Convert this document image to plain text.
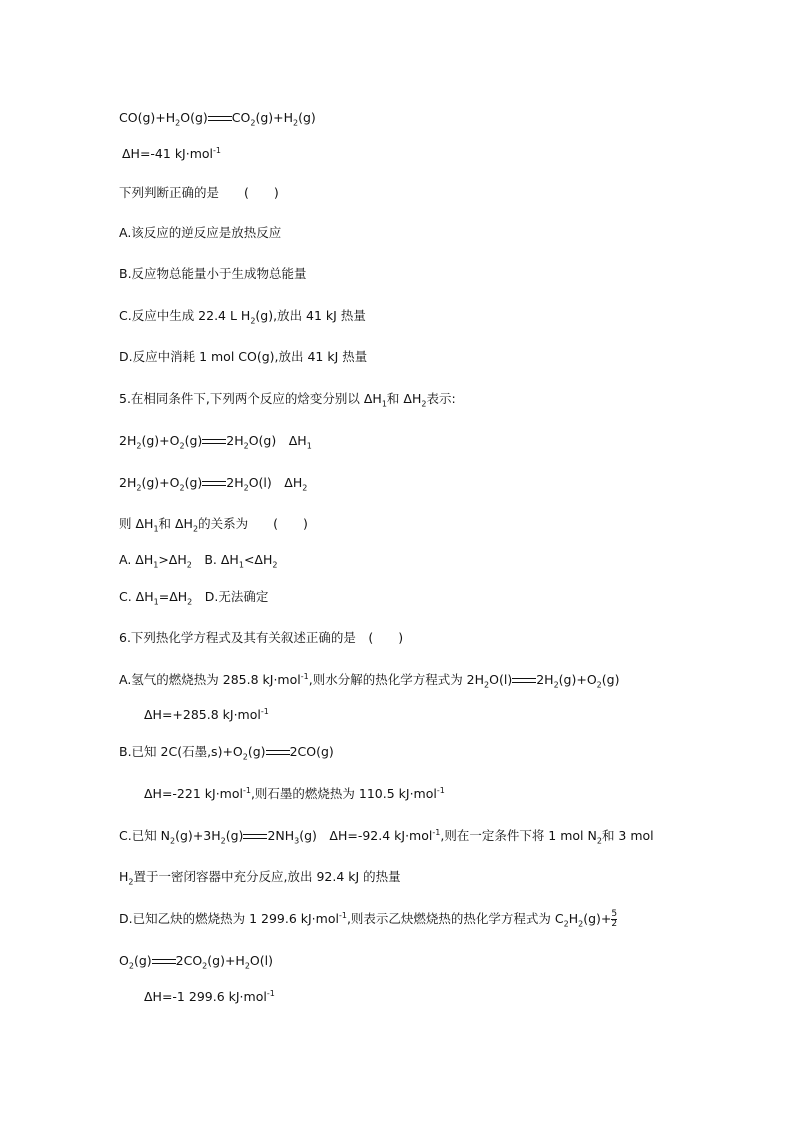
$CO(g)+H_2O(g)$ $CO_2(g)+H_2(g)$
ΔH=-41 kJ·mol$^{-1}$
下列判断正确的是　　(　　)
A.该反应的逆反应是放热反应
B.反应物总能量小于生成物总能量
C.反应中生成 22.4 L $H_2(g)$,放出 41 kJ 热量
D.反应中消耗 1 mol CO(g),放出 41 kJ 热量
5.在相同条件下,下列两个反应的焓变分别以 $\Delta H_1$和 $\Delta H_2$表示:
$2H_2(g)+O_2(g)$ $2H_2O(g)$　$\Delta H_1$
$2H_2(g)+O_2(g)$ $2H_2O(l)$　$\Delta H_2$
则 $\Delta H_1$和 $\Delta H_2$的关系为　　(　　)
A. $\Delta H_1>\Delta H_2$　B. $\Delta H_1<\Delta H_2$
C. $\Delta H_1=\Delta H_2$　D.无法确定
6.下列热化学方程式及其有关叙述正确的是　(　　)
A.氢气的燃烧热为 285.8 kJ·mol$^{-1}$,则水分解的热化学方程式为 $2H_2O(l)$ $2H_2(g)+O_2(g)$
ΔH=+285.8 kJ·mol$^{-1}$
B.已知 2C(石墨$,s)+O_2(g)$ 2CO(g)
ΔH=-221 kJ·mol$^{-1}$,则石墨的燃烧热为 110.5 kJ·mol$^{-1}$
C.已知 $N_2(g)+3H_2(g)$ $2NH_3(g)$　ΔH=-92.4 kJ·mol$^{-1}$,则在一定条件下将 1 mol $N_2$和 3 mol
$H_2$置于一密闭容器中充分反应,放出 92.4 kJ 的热量
D.已知乙炔的燃烧热为 1 299.6 kJ·mol$^{-1}$,则表示乙炔燃烧热的热化学方程式为 $C_2H_2(g)+ \frac{5}{2}$
$O_2(g)$ $2CO_2(g)+H_2O(l)$
ΔH=-1 299.6 kJ·mol$^{-1}$
